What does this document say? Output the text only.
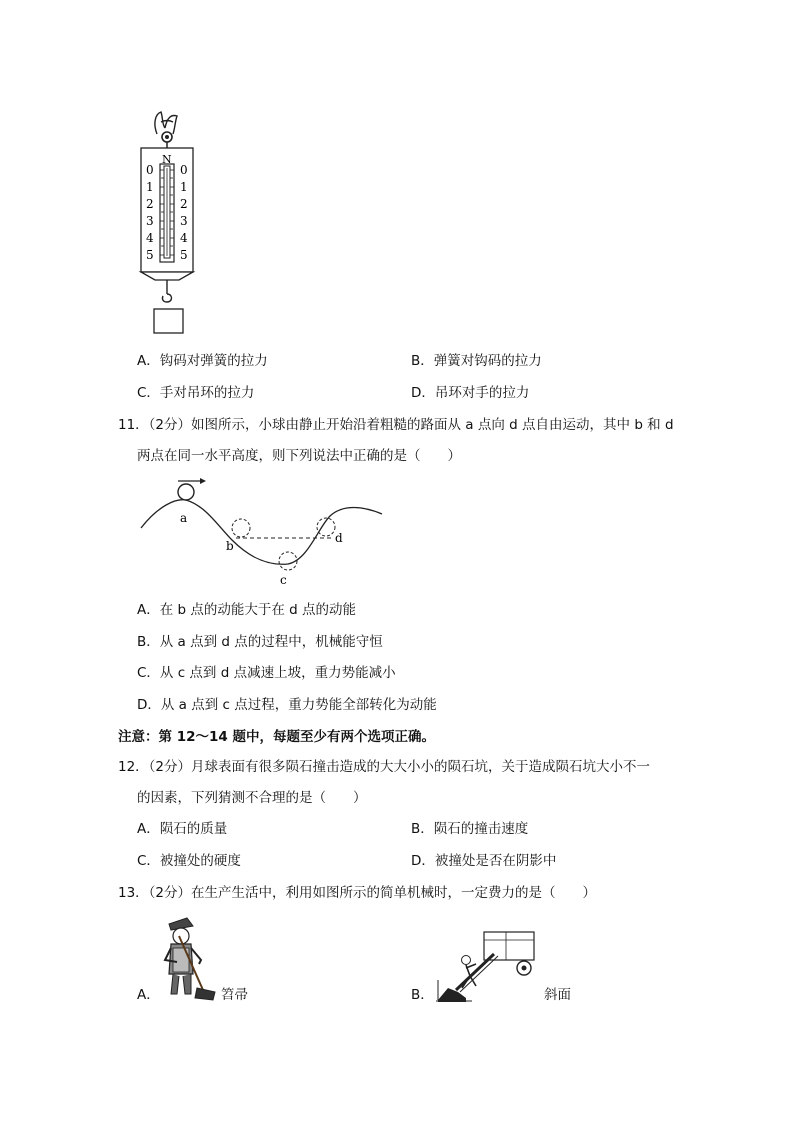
N
0
1
2
3
4
5
0
1
2
3
4
5
A．钩码对弹簧的拉力	B．弹簧对钩码的拉力
C．手对吊环的拉力	D．吊环对手的拉力
11．（2分）如图所示，小球由静止开始沿着粗糙的路面从 a 点向 d 点自由运动，其中 b 和 d
两点在同一水平高度，则下列说法中正确的是（　　）
a
b
c
d
A．在 b 点的动能大于在 d 点的动能
B．从 a 点到 d 点的过程中，机械能守恒
C．从 c 点到 d 点减速上坡，重力势能减小
D．从 a 点到 c 点过程，重力势能全部转化为动能
注意：第 12～14 题中，每题至少有两个选项正确。
12．（2分）月球表面有很多陨石撞击造成的大大小小的陨石坑，关于造成陨石坑大小不一
的因素，下列猜测不合理的是（　　）
A．陨石的质量	B．陨石的撞击速度
C．被撞处的硬度	D．被撞处是否在阴影中
13．（2分）在生产生活中，利用如图所示的简单机械时，一定费力的是（　　）
A．	笤帚	B．	斜面
